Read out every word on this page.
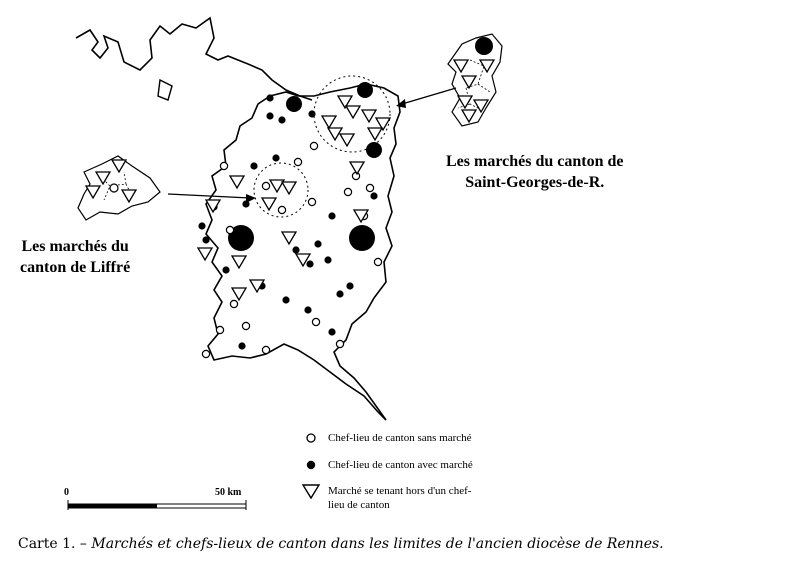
Les marchés du canton de
Saint-Georges-de-R.
Les marchés du
canton de Liffré
Chef-lieu de canton sans marché
Chef-lieu de canton avec marché
Marché se tenant hors d'un chef-
lieu de canton
0	50 km
Carte 1. – Marchés et chefs-lieux de canton dans les limites de l'ancien diocèse de Rennes.
